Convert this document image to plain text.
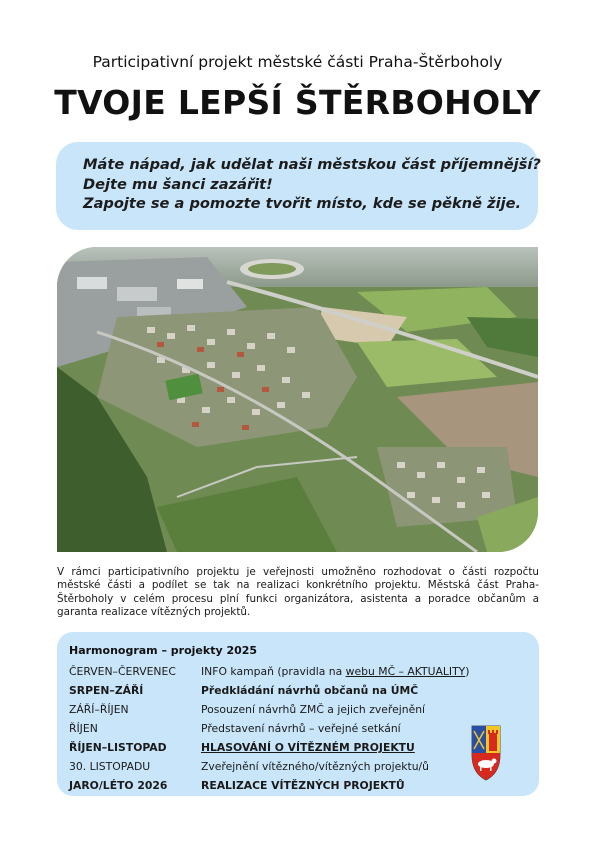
Participativní projekt městské části Praha-Štěrboholy
TVOJE LEPŠÍ ŠTĚRBOHOLY
Máte nápad, jak udělat naši městskou část příjemnější?
Dejte mu šanci zazářit!
Zapojte se a pomozte tvořit místo, kde se pěkně žije.
V rámci participativního projektu je veřejnosti umožněno rozhodovat o části rozpočtu městské části a podílet se tak na realizaci konkrétního projektu. Městská část Praha-Štěrboholy v celém procesu plní funkci organizátora, asistenta a poradce občanům a garanta realizace vítězných projektů.
Harmonogram – projekty 2025
ČERVEN–ČERVENEC INFO kampaň (pravidla na webu MČ – AKTUALITY)
SRPEN–ZÁŘÍ	Předkládání návrhů občanů na ÚMČ
ZÁŘÍ–ŘÍJEN	Posouzení návrhů ZMČ a jejich zveřejnění
ŘÍJEN	Představení návrhů – veřejné setkání
ŘÍJEN–LISTOPAD	HLASOVÁNÍ O VÍTĚZNÉM PROJEKTU
30. LISTOPADU	Zveřejnění vítězného/vítězných projektu/ů
JARO/LÉTO 2026	REALIZACE VÍTĚZNÝCH PROJEKTŮ
